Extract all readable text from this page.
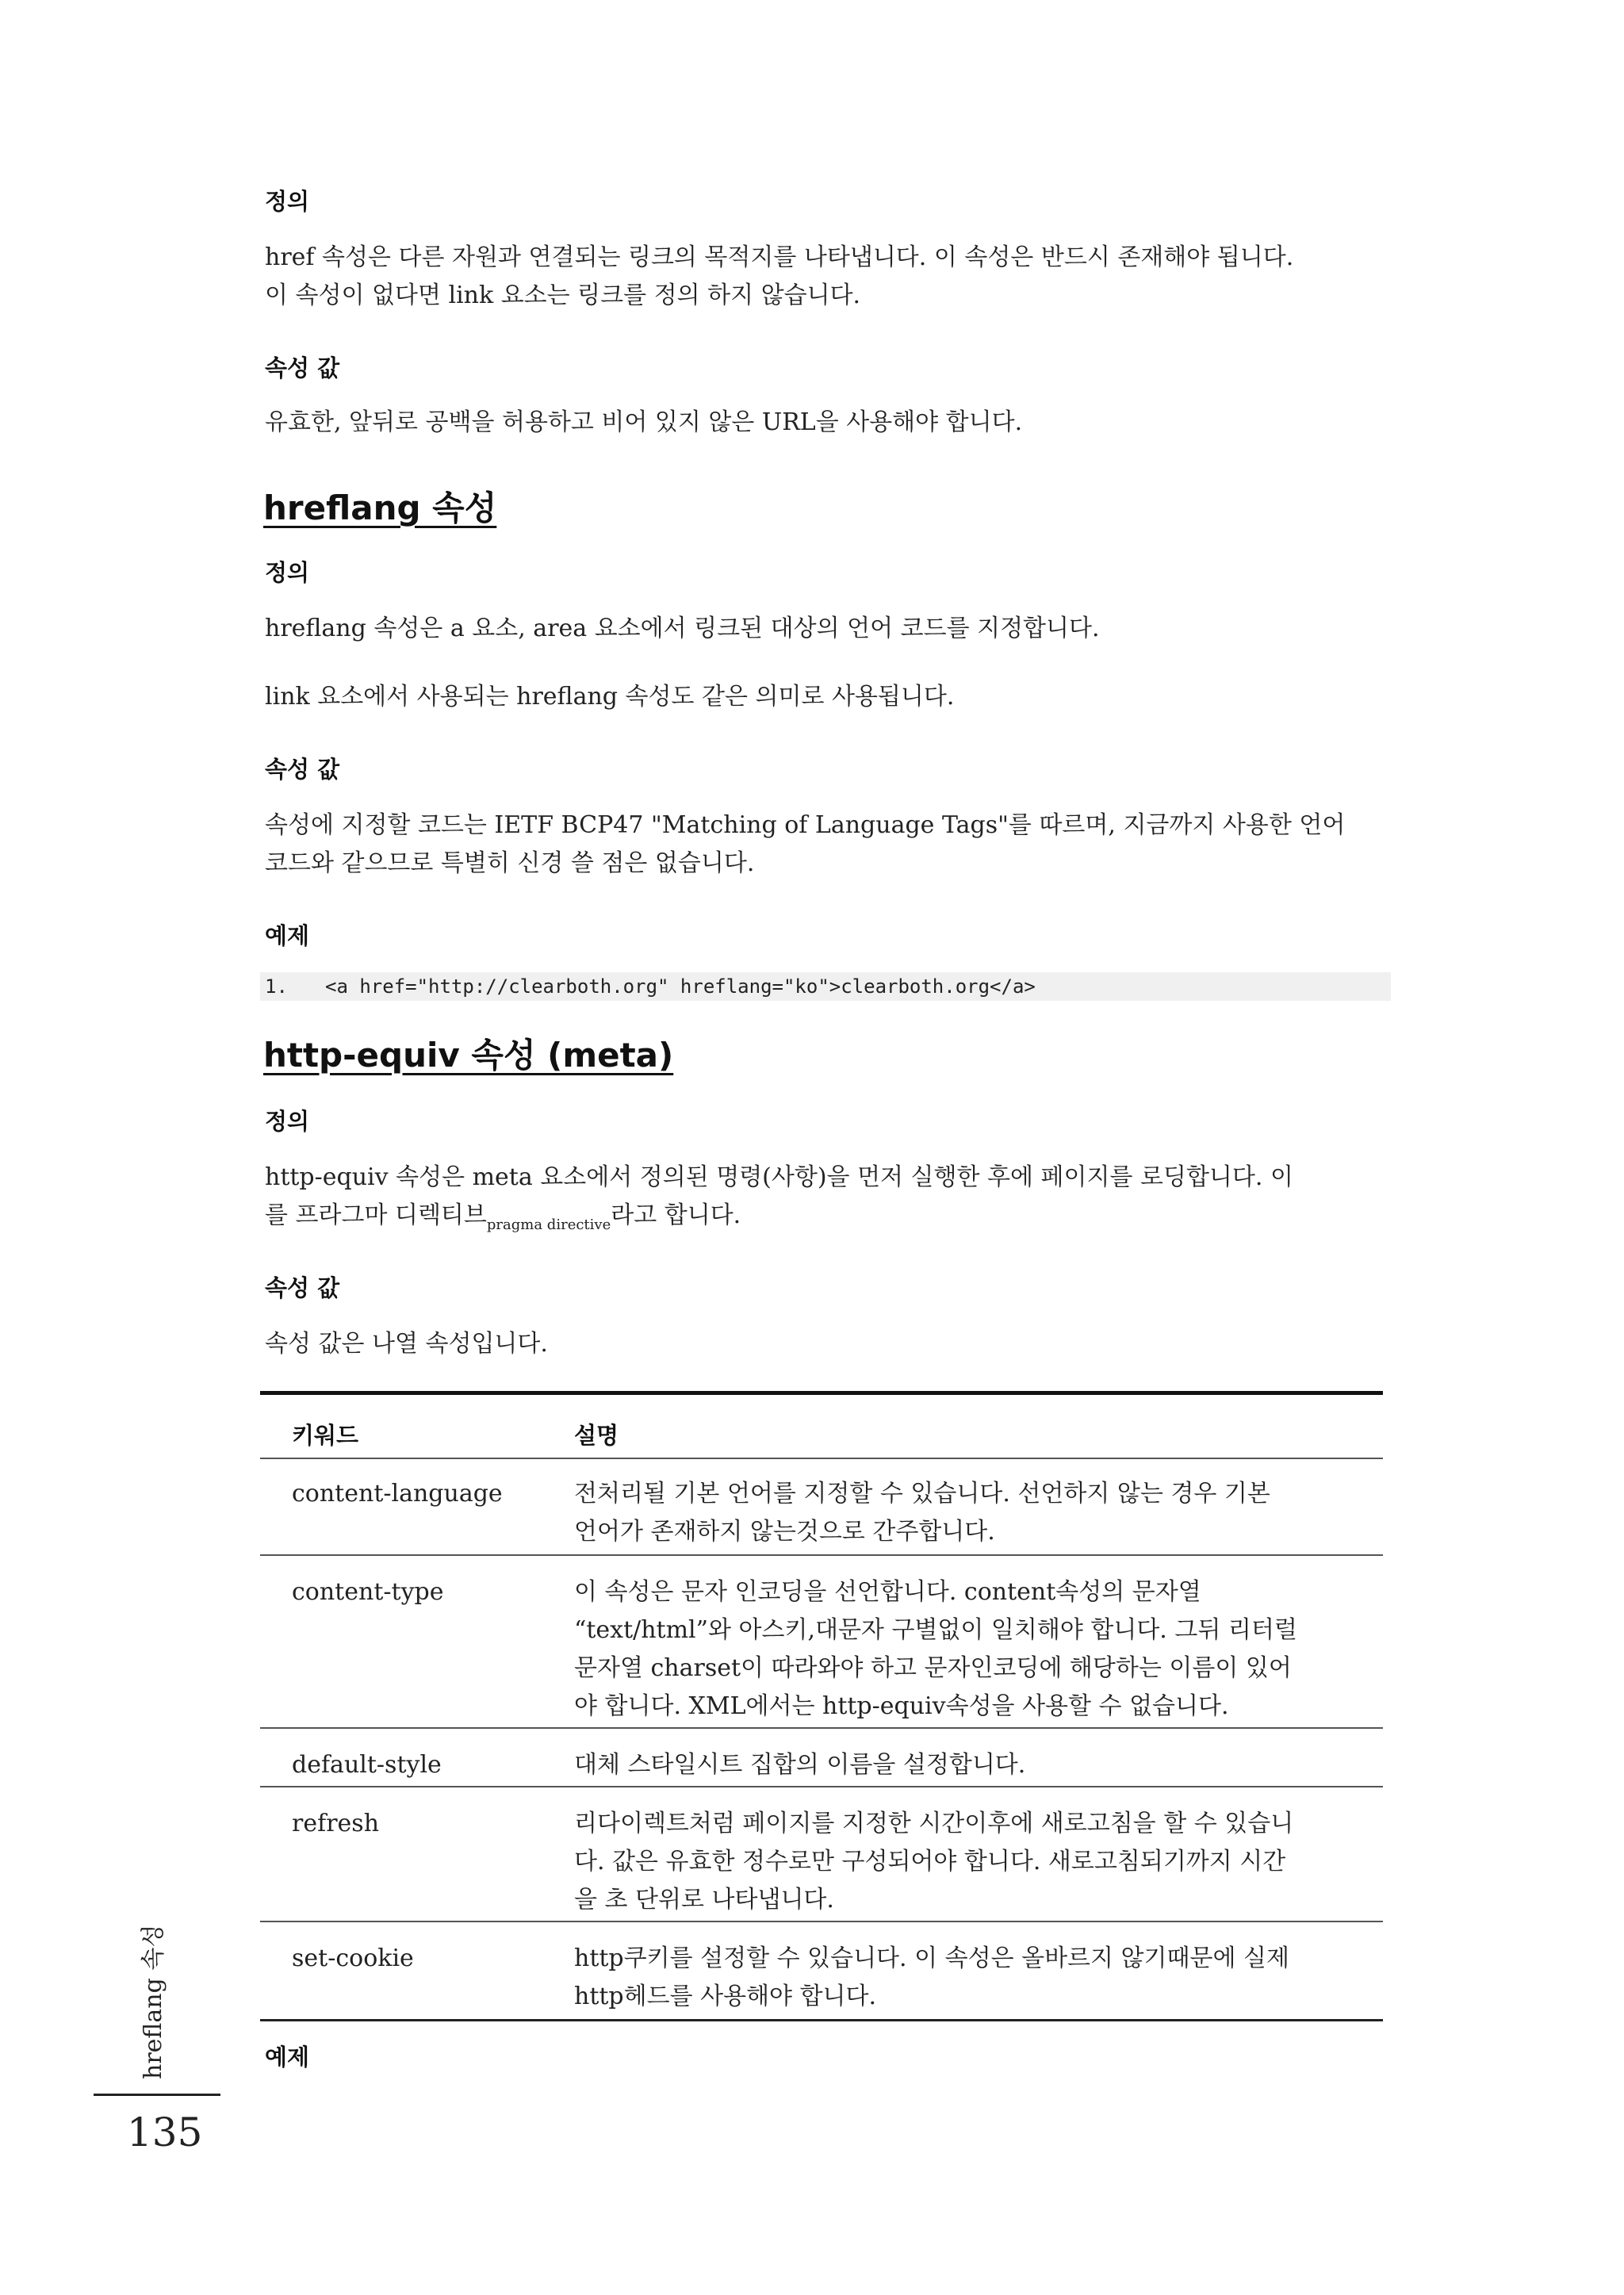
정의
href 속성은 다른 자원과 연결되는 링크의 목적지를 나타냅니다. 이 속성은 반드시 존재해야 됩니다.
이 속성이 없다면 link 요소는 링크를 정의 하지 않습니다.
속성 값
유효한, 앞뒤로 공백을 허용하고 비어 있지 않은 URL을 사용해야 합니다.
hreflang 속성
정의
hreflang 속성은 a 요소, area 요소에서 링크된 대상의 언어 코드를 지정합니다.
link 요소에서 사용되는 hreflang 속성도 같은 의미로 사용됩니다.
속성 값
속성에 지정할 코드는 IETF BCP47 "Matching of Language Tags"를 따르며, 지금까지 사용한 언어
코드와 같으므로 특별히 신경 쓸 점은 없습니다.
예제
1. <a href="http://clearboth.org" hreflang="ko">clearboth.org</a>
http-equiv 속성 (meta)
정의
http-equiv 속성은 meta 요소에서 정의된 명령(사항)을 먼저 실행한 후에 페이지를 로딩합니다. 이
를 프라그마 디렉티브$_{pragma directive}$라고 합니다.
속성 값
속성 값은 나열 속성입니다.
키워드	설명
content-language	전처리될 기본 언어를 지정할 수 있습니다. 선언하지 않는 경우 기본
언어가 존재하지 않는것으로 간주합니다.
content-type	이 속성은 문자 인코딩을 선언합니다. content속성의 문자열
“text/html”와 아스키,대문자 구별없이 일치해야 합니다. 그뒤 리터럴
문자열 charset이 따라와야 하고 문자인코딩에 해당하는 이름이 있어
야 합니다. XML에서는 http-equiv속성을 사용할 수 없습니다.
default-style	대체 스타일시트 집합의 이름을 설정합니다.
refresh	리다이렉트처럼 페이지를 지정한 시간이후에 새로고침을 할 수 있습니
다. 값은 유효한 정수로만 구성되어야 합니다. 새로고침되기까지 시간
을 초 단위로 나타냅니다.
set-cookie	http쿠키를 설정할 수 있습니다. 이 속성은 올바르지 않기때문에 실제
http헤드를 사용해야 합니다.
예제
hreflang 속성
135
